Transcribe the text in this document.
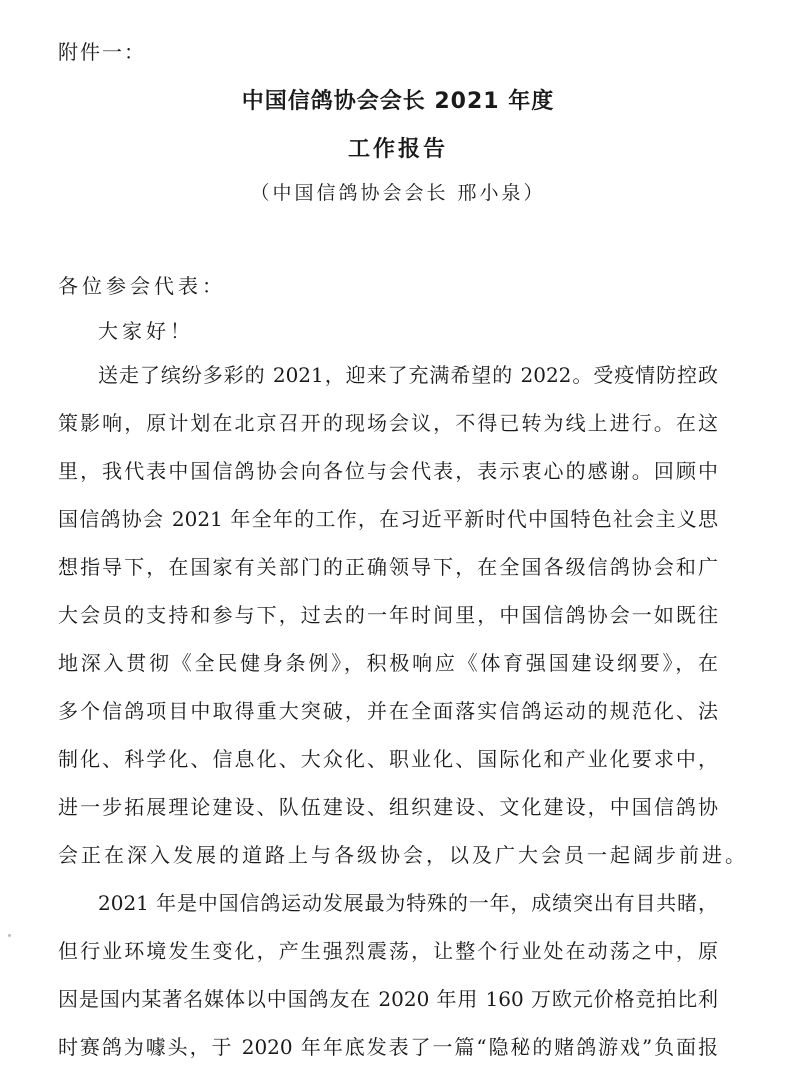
附件一：
中国信鸽协会会长 2021 年度
工作报告
（中国信鸽协会会长 邢小泉）
各位参会代表：
大家好！
送走了缤纷多彩的 2021，迎来了充满希望的 2022。受疫情防控政
策影响，原计划在北京召开的现场会议，不得已转为线上进行。在这
里，我代表中国信鸽协会向各位与会代表，表示衷心的感谢。回顾中
国信鸽协会 2021 年全年的工作，在习近平新时代中国特色社会主义思
想指导下，在国家有关部门的正确领导下，在全国各级信鸽协会和广
大会员的支持和参与下，过去的一年时间里，中国信鸽协会一如既往
地深入贯彻《全民健身条例》，积极响应《体育强国建设纲要》，在
多个信鸽项目中取得重大突破，并在全面落实信鸽运动的规范化、法
制化、科学化、信息化、大众化、职业化、国际化和产业化要求中，
进一步拓展理论建设、队伍建设、组织建设、文化建设，中国信鸽协
会正在深入发展的道路上与各级协会，以及广大会员一起阔步前进。
2021 年是中国信鸽运动发展最为特殊的一年，成绩突出有目共睹，
但行业环境发生变化，产生强烈震荡，让整个行业处在动荡之中，原
因是国内某著名媒体以中国鸽友在 2020 年用 160 万欧元价格竞拍比利
时赛鸽为噱头，于 2020 年年底发表了一篇“隐秘的赌鸽游戏”负面报
